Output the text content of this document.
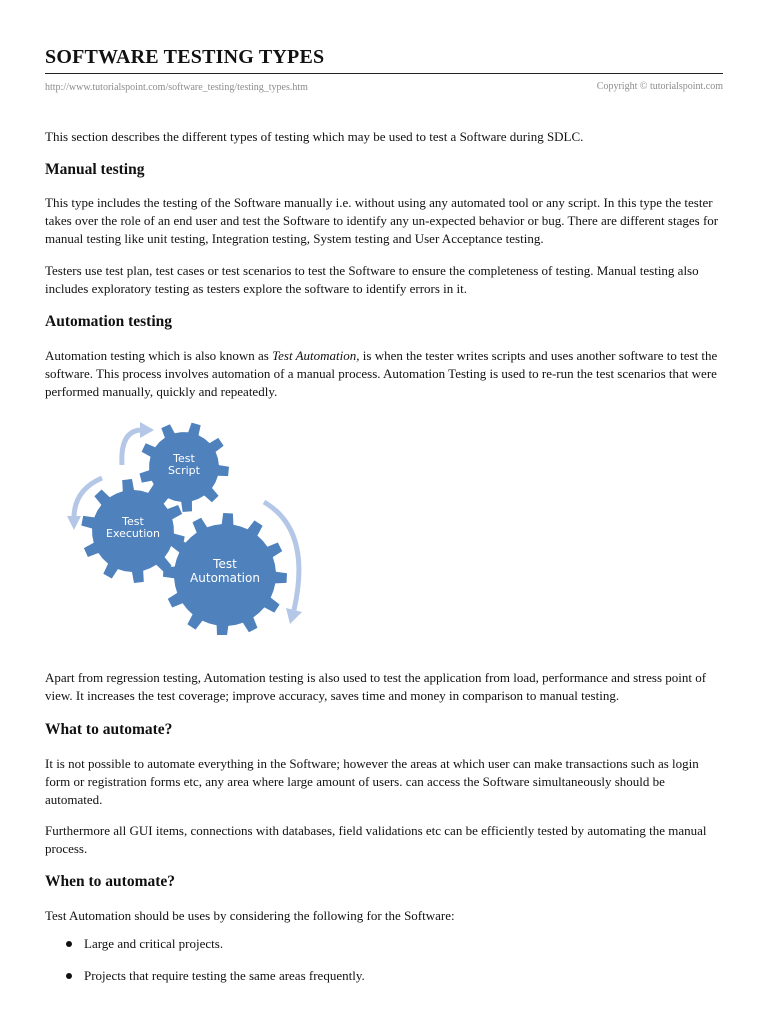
SOFTWARE TESTING TYPES
http://www.tutorialspoint.com/software_testing/testing_types.htm	Copyright © tutorialspoint.com

This section describes the different types of testing which may be used to test a Software during SDLC.

Manual testing

This type includes the testing of the Software manually i.e. without using any automated tool or any script. In this type the tester takes over the role of an end user and test the Software to identify any un-expected behavior or bug. There are different stages for manual testing like unit testing, Integration testing, System testing and User Acceptance testing.

Testers use test plan, test cases or test scenarios to test the Software to ensure the completeness of testing. Manual testing also includes exploratory testing as testers explore the software to identify errors in it.

Automation testing

Automation testing which is also known as Test Automation, is when the tester writes scripts and uses another software to test the software. This process involves automation of a manual process. Automation Testing is used to re-run the test scenarios that were performed manually, quickly and repeatedly.

Apart from regression testing, Automation testing is also used to test the application from load, performance and stress point of view. It increases the test coverage; improve accuracy, saves time and money in comparison to manual testing.

What to automate?

It is not possible to automate everything in the Software; however the areas at which user can make transactions such as login form or registration forms etc, any area where large amount of users. can access the Software simultaneously should be automated.

Furthermore all GUI items, connections with databases, field validations etc can be efficiently tested by automating the manual process.

When to automate?

Test Automation should be uses by considering the following for the Software:

Large and critical projects.
Projects that require testing the same areas frequently.
Test
Script
Test
Execution
Test
Automation
